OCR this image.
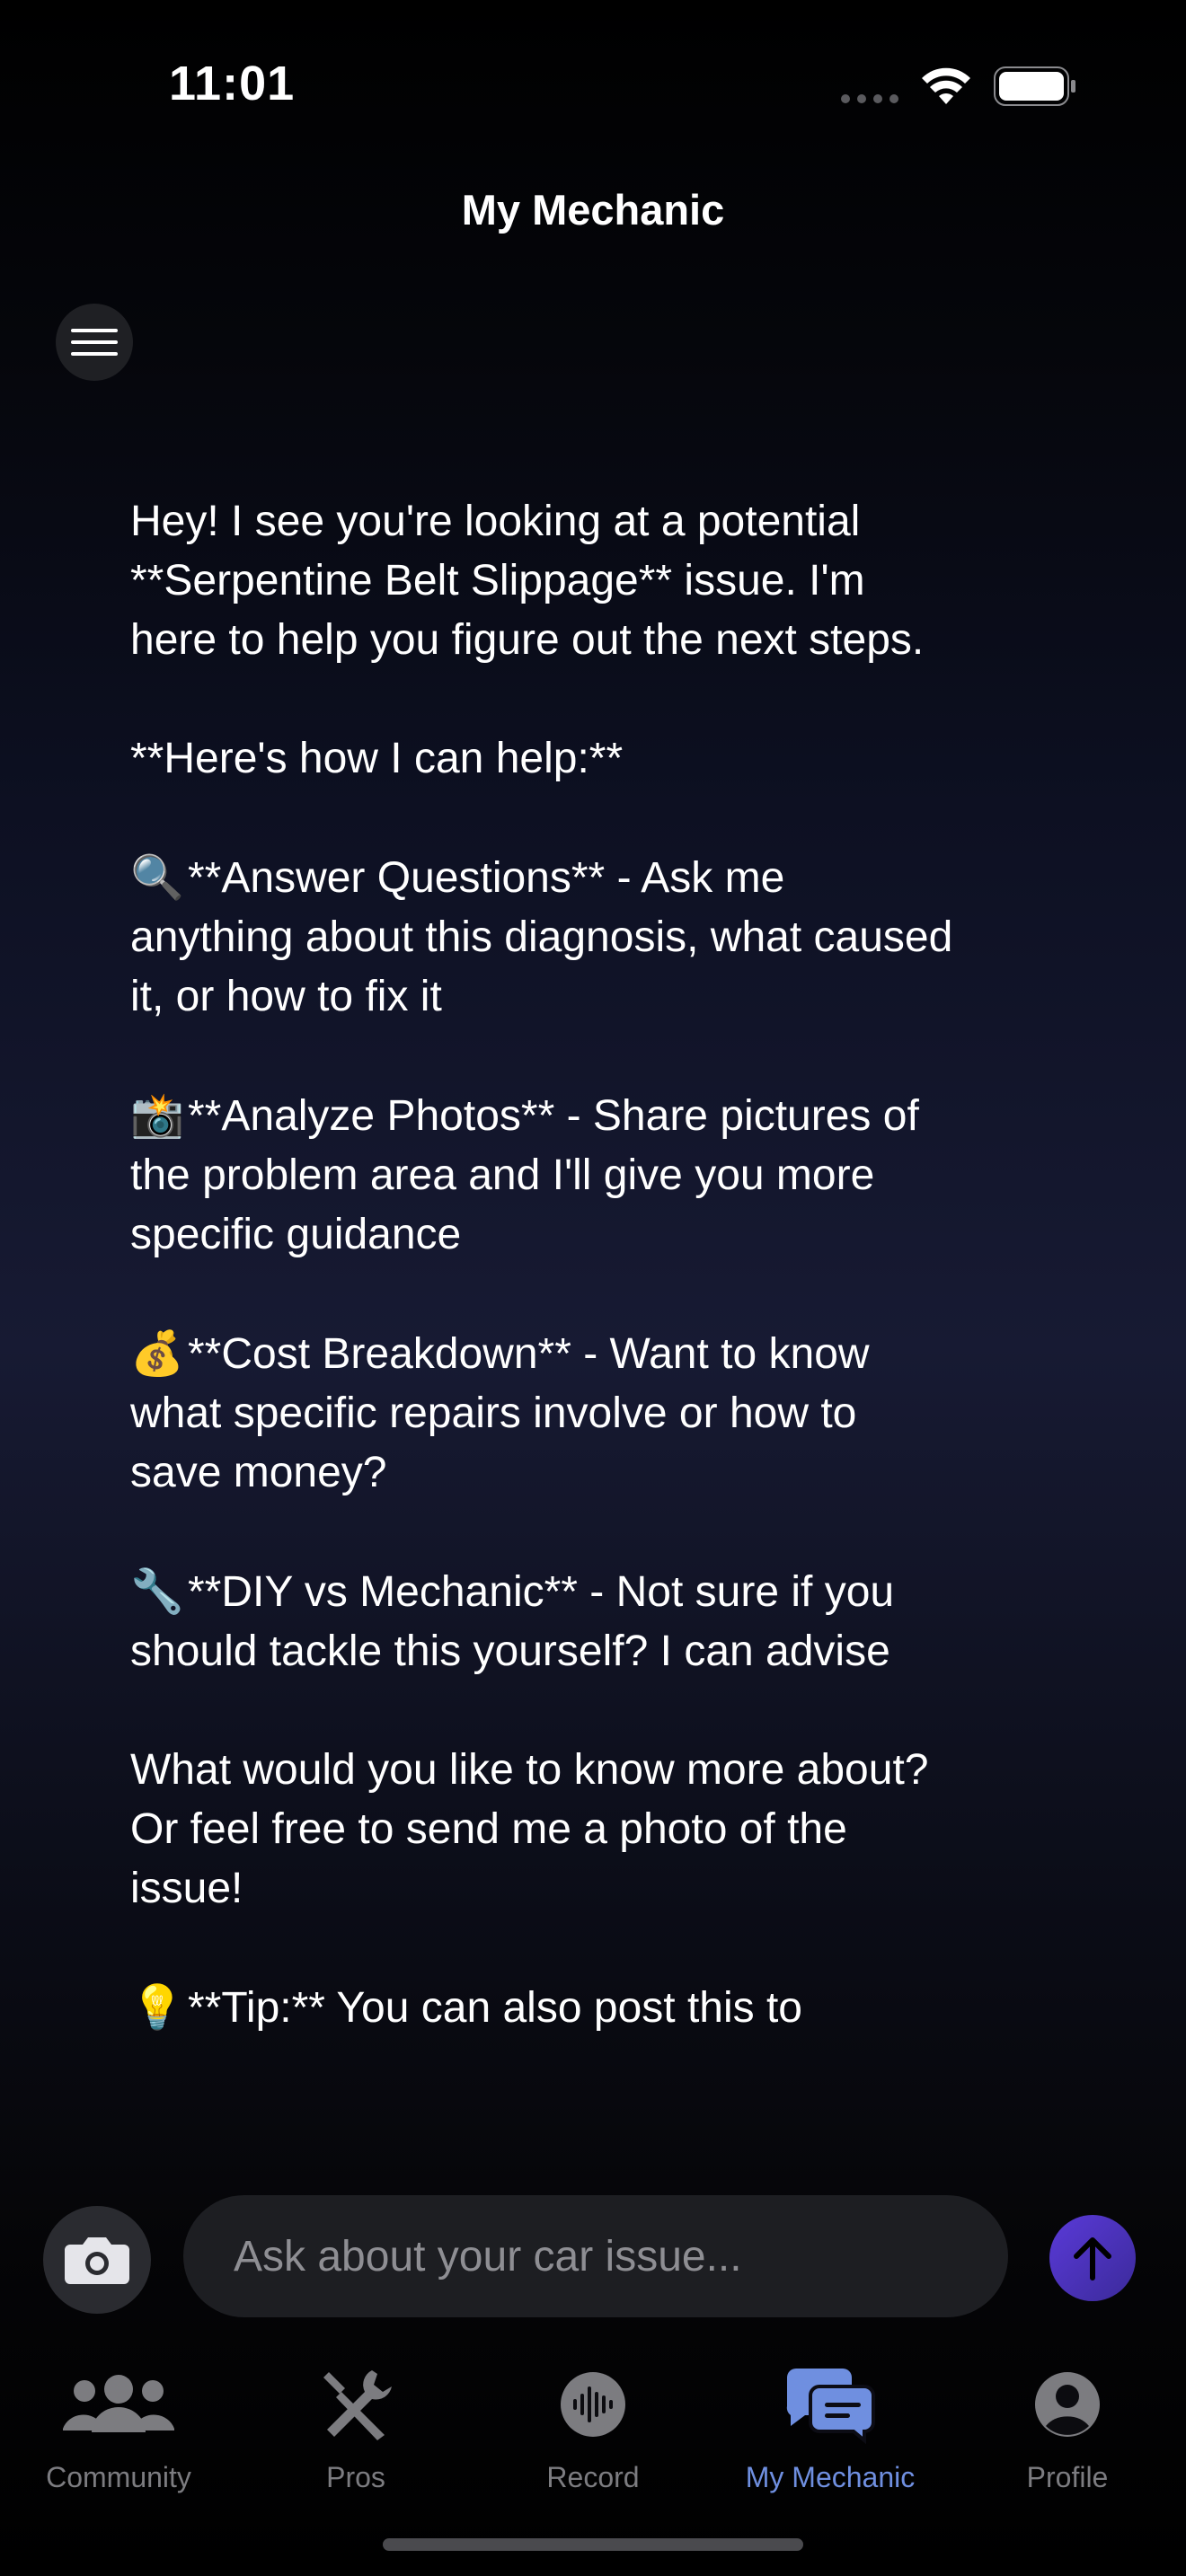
11:01
My Mechanic

Hey! I see you're looking at a potential **Serpentine Belt Slippage** issue. I'm here to help you figure out the next steps.

**Here's how I can help:**

🔍**Answer Questions** - Ask me anything about this diagnosis, what caused it, or how to fix it

📸**Analyze Photos** - Share pictures of the problem area and I'll give you more specific guidance

💰**Cost Breakdown** - Want to know what specific repairs involve or how to save money?

🔧**DIY vs Mechanic** - Not sure if you should tackle this yourself? I can advise

What would you like to know more about? Or feel free to send me a photo of the issue!

💡**Tip:** You can also post this to

Ask about your car issue...
Community	Pros	Record	My Mechanic	Profile
